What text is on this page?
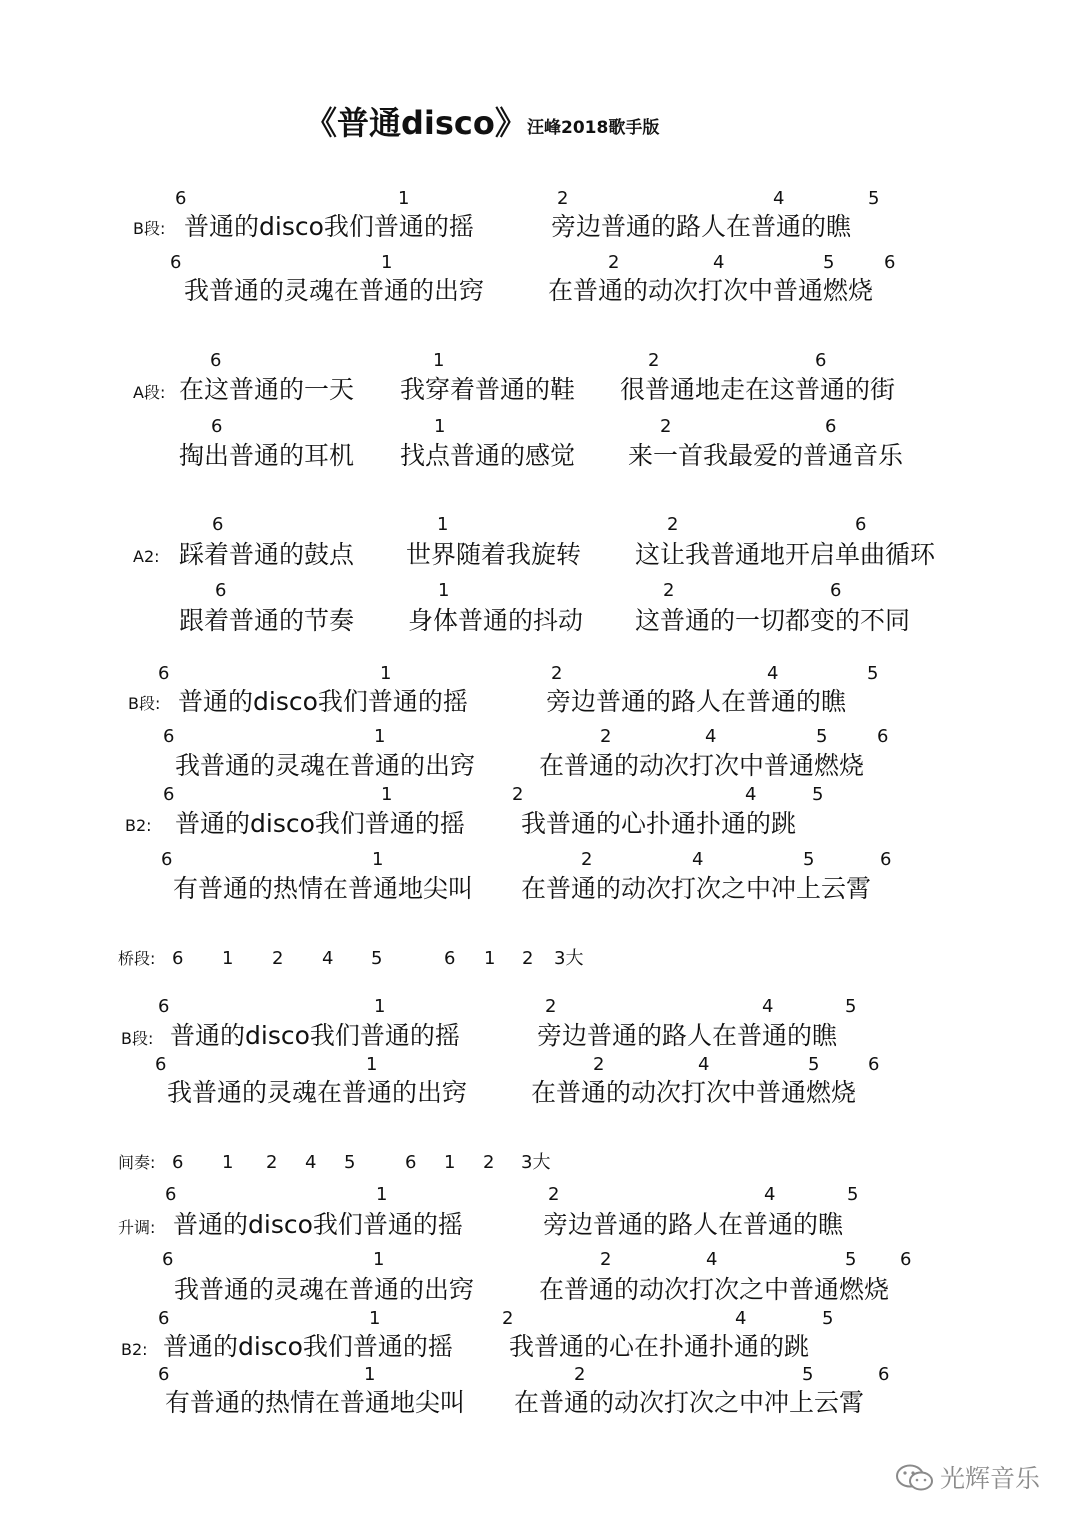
《普通disco》 汪峰2018歌手版
B段:
6	1	2	4	5
普通的disco我们普通的摇	旁边普通的路人在普通的瞧
6	1	2	4	5	6
我普通的灵魂在普通的出窍	在普通的动次打次中普通燃烧
A段:
6	1	2	6
在这普通的一天 我穿着普通的鞋 很普通地走在这普通的街
6	1	2	6
掏出普通的耳机 找点普通的感觉 来一首我最爱的普通音乐
A2:
6	1	2	6
踩着普通的鼓点 世界随着我旋转 这让我普通地开启单曲循环
6	1	2	6
跟着普通的节奏 身体普通的抖动 这普通的一切都变的不同
B段:
6	1	2	4	5
普通的disco我们普通的摇	旁边普通的路人在普通的瞧
6	1	2	4	5	6
我普通的灵魂在普通的出窍	在普通的动次打次中普通燃烧
B2:
6	1	2	4	5
普通的disco我们普通的摇 我普通的心扑通扑通的跳
6	1	2	4	5	6
有普通的热情在普通地尖叫 在普通的动次打次之中冲上云霄
B段:
6	1	2	4	5
普通的disco我们普通的摇	旁边普通的路人在普通的瞧
6	1	2	4	5	6
我普通的灵魂在普通的出窍	在普通的动次打次中普通燃烧
升调:
6	1	2	4	5
普通的disco我们普通的摇	旁边普通的路人在普通的瞧
6	1	2	4	5 6
我普通的灵魂在普通的出窍	在普通的动次打次之中普通燃烧
B2:
6	1	2	4	5
普通的disco我们普通的摇 我普通的心在扑通扑通的跳
6	1	2	5	6
有普通的热情在普通地尖叫 在普通的动次打次之中冲上云霄
桥段: 6 1 2 4 5	6 1 2 3大
间奏: 6 1 2 4 5	6 1 2 3大
光辉音乐
